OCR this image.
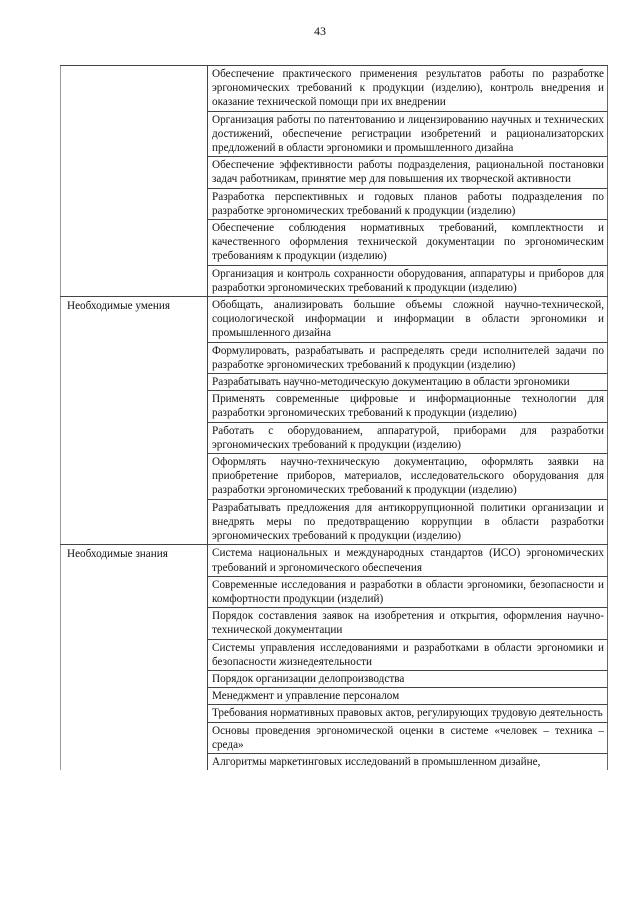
43
Обеспечение практического применения результатов работы по разработке эргономических требований к продукции (изделию), контроль внедрения и оказание технической помощи при их внедрении
Организация работы по патентованию и лицензированию научных и технических достижений, обеспечение регистрации изобретений и рационализаторских предложений в области эргономики и промышленного дизайна
Обеспечение эффективности работы подразделения, рациональной постановки задач работникам, принятие мер для повышения их творческой активности
Разработка перспективных и годовых планов работы подразделения по разработке эргономических требований к продукции (изделию)
Обеспечение соблюдения нормативных требований, комплектности и качественного оформления технической документации по эргономическим требованиям к продукции (изделию)
Организация и контроль сохранности оборудования, аппаратуры и приборов для разработки эргономических требований к продукции (изделию)
Необходимые умения	Обобщать, анализировать большие объемы сложной научно-технической, социологической информации и информации в области эргономики и промышленного дизайна
Формулировать, разрабатывать и распределять среди исполнителей задачи по разработке эргономических требований к продукции (изделию)
Разрабатывать научно-методическую документацию в области эргономики
Применять современные цифровые и информационные технологии для разработки эргономических требований к продукции (изделию)
Работать с оборудованием, аппаратурой, приборами для разработки эргономических требований к продукции (изделию)
Оформлять научно-техническую документацию, оформлять заявки на приобретение приборов, материалов, исследовательского оборудования для разработки эргономических требований к продукции (изделию)
Разрабатывать предложения для антикоррупционной политики организации и внедрять меры по предотвращению коррупции в области разработки эргономических требований к продукции (изделию)
Необходимые знания	Система национальных и международных стандартов (ИСО) эргономических требований и эргономического обеспечения
Современные исследования и разработки в области эргономики, безопасности и комфортности продукции (изделий)
Порядок составления заявок на изобретения и открытия, оформления научно-технической документации
Системы управления исследованиями и разработками в области эргономики и безопасности жизнедеятельности
Порядок организации делопроизводства
Менеджмент и управление персоналом
Требования нормативных правовых актов, регулирующих трудовую деятельность
Основы проведения эргономической оценки в системе «человек – техника – среда»
Алгоритмы маркетинговых исследований в промышленном дизайне,
